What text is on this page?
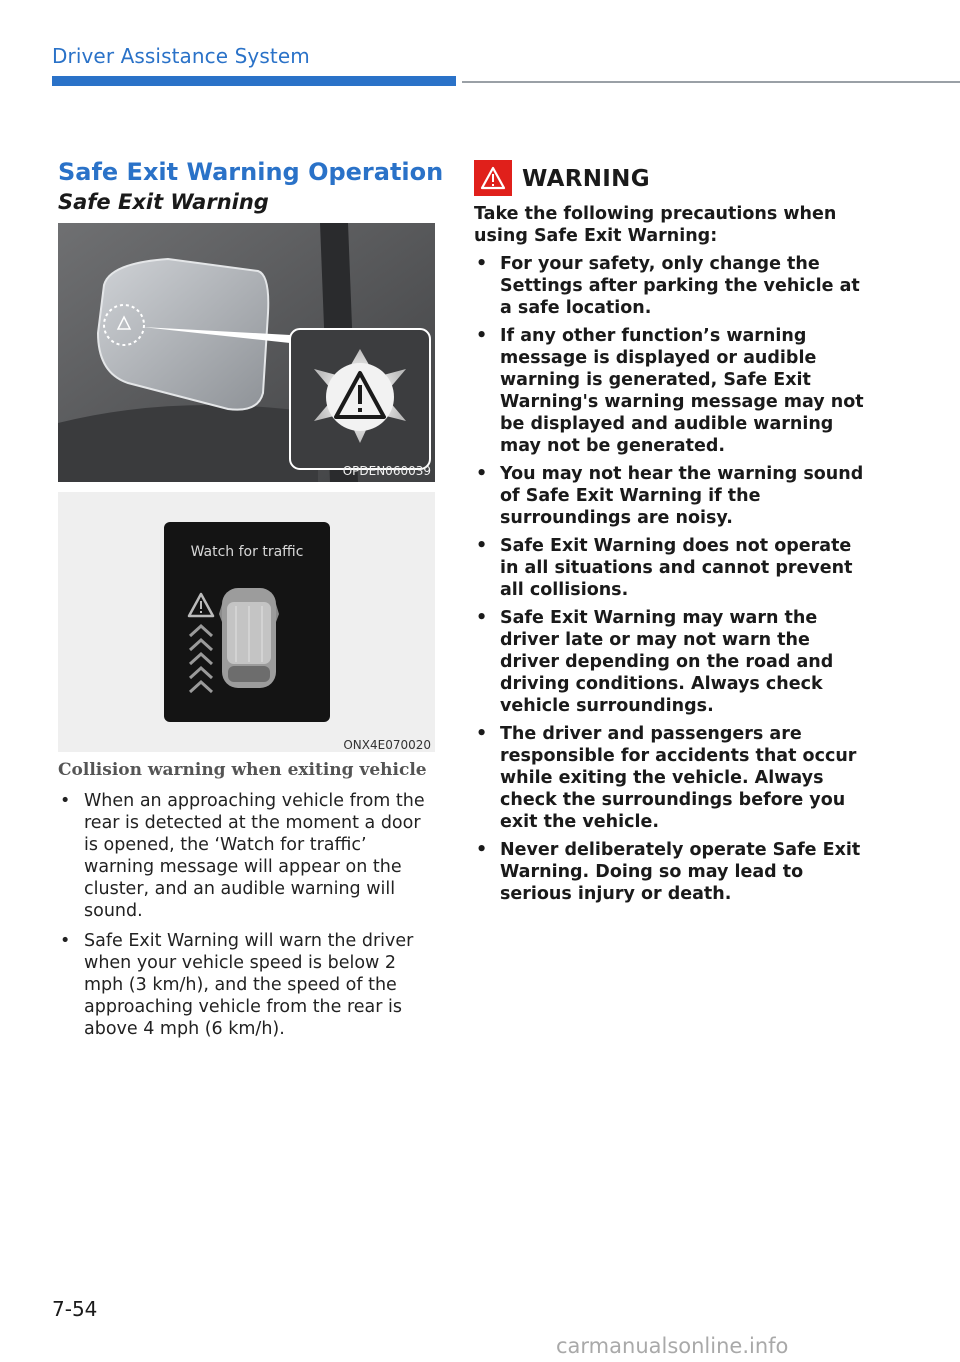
Driver Assistance System
Safe Exit Warning Operation
Safe Exit Warning
OPDEN060039
Watch for traffic
ONX4E070020
Collision warning when exiting vehicle
• When an approaching vehicle from the rear is detected at the moment a door is opened, the ‘Watch for traffic’ warning message will appear on the cluster, and an audible warning will sound.
• Safe Exit Warning will warn the driver when your vehicle speed is below 2 mph (3 km/h), and the speed of the approaching vehicle from the rear is above 4 mph (6 km/h).
WARNING
Take the following precautions when using Safe Exit Warning:
• For your safety, only change the Settings after parking the vehicle at a safe location.
• If any other function’s warning message is displayed or audible warning is generated, Safe Exit Warning's warning message may not be displayed and audible warning may not be generated.
• You may not hear the warning sound of Safe Exit Warning if the surroundings are noisy.
• Safe Exit Warning does not operate in all situations and cannot prevent all collisions.
• Safe Exit Warning may warn the driver late or may not warn the driver depending on the road and driving conditions. Always check vehicle surroundings.
• The driver and passengers are responsible for accidents that occur while exiting the vehicle. Always check the surroundings before you exit the vehicle.
• Never deliberately operate Safe Exit Warning. Doing so may lead to serious injury or death.
7-54
carmanualsonline.info
